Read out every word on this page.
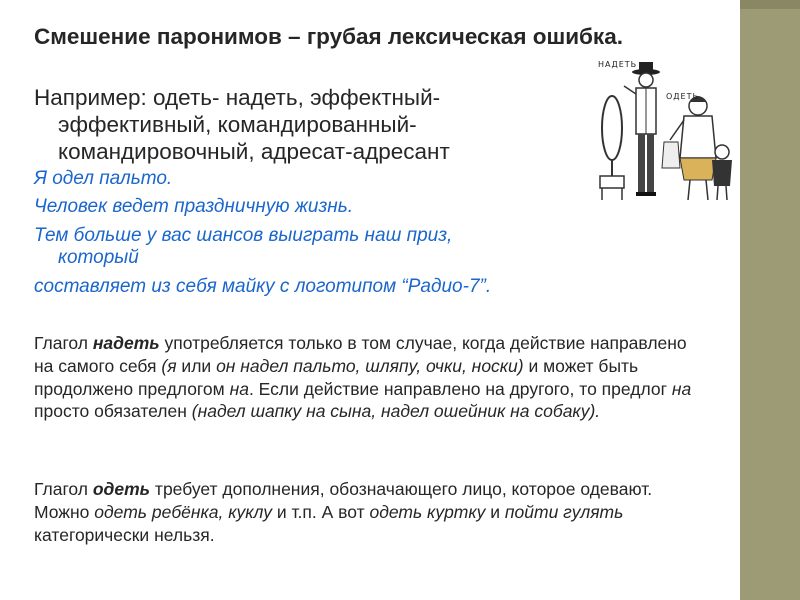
Смешение паронимов – грубая лексическая ошибка.
Например: одеть- надеть, эффектный-
эффективный, командированный-
командировочный, адресат-адресант
Я одел пальто.
Человек ведет праздничную жизнь.
Тем больше у вас шансов выиграть наш приз,
который
составляет из себя майку с логотипом “Радио-7”.
Глагол надеть употребляется только в том случае, когда действие направлено на самого себя (я или он надел пальто, шляпу, очки, носки) и может быть продолжено предлогом на. Если действие направлено на другого, то предлог на просто обязателен (надел шапку на сына, надел ошейник на собаку).
Глагол одеть требует дополнения, обозначающего лицо, которое одевают. Можно одеть ребёнка, куклу и т.п. А вот одеть куртку и пойти гулять категорически нельзя.
НАДЕТЬ
ОДЕТЬ
